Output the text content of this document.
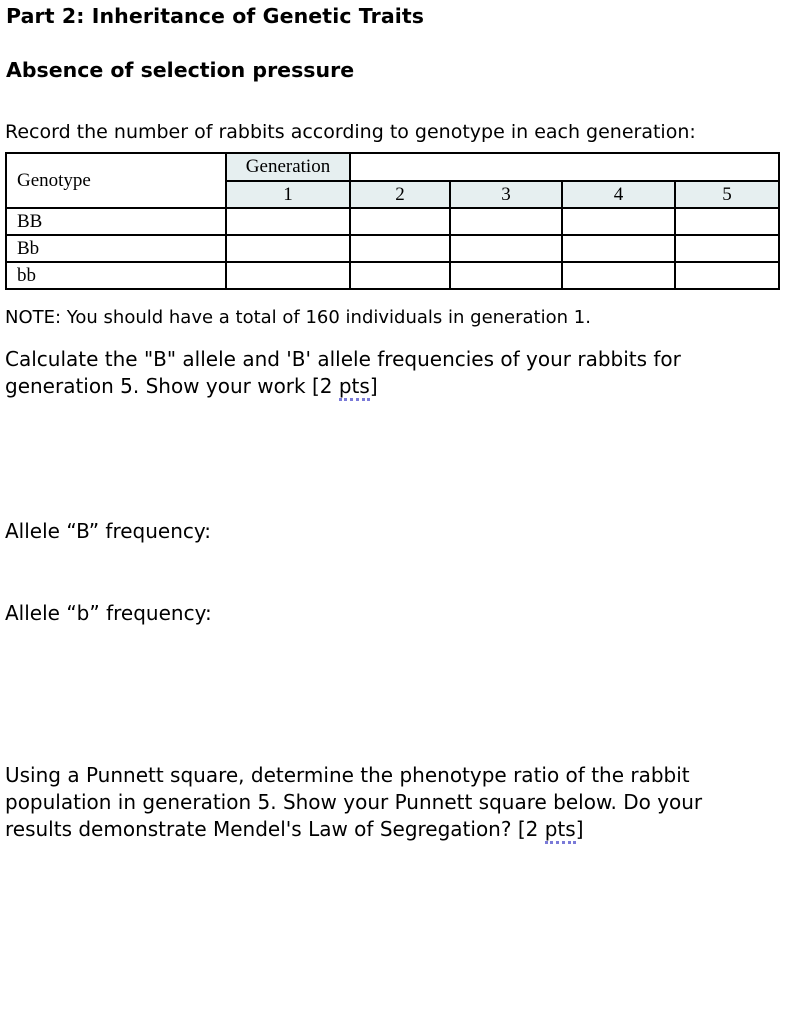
Part 2: Inheritance of Genetic Traits
Absence of selection pressure
Record the number of rabbits according to genotype in each generation:
Genotype	Generation				
	1	2	3	4	5
BB					
Bb					
bb					
NOTE: You should have a total of 160 individuals in generation 1.
Calculate the "B" allele and 'B' allele frequencies of your rabbits for
generation 5. Show your work [2 pts]
Allele “B” frequency:
Allele “b” frequency:
Using a Punnett square, determine the phenotype ratio of the rabbit
population in generation 5. Show your Punnett square below. Do your
results demonstrate Mendel's Law of Segregation? [2 pts]
